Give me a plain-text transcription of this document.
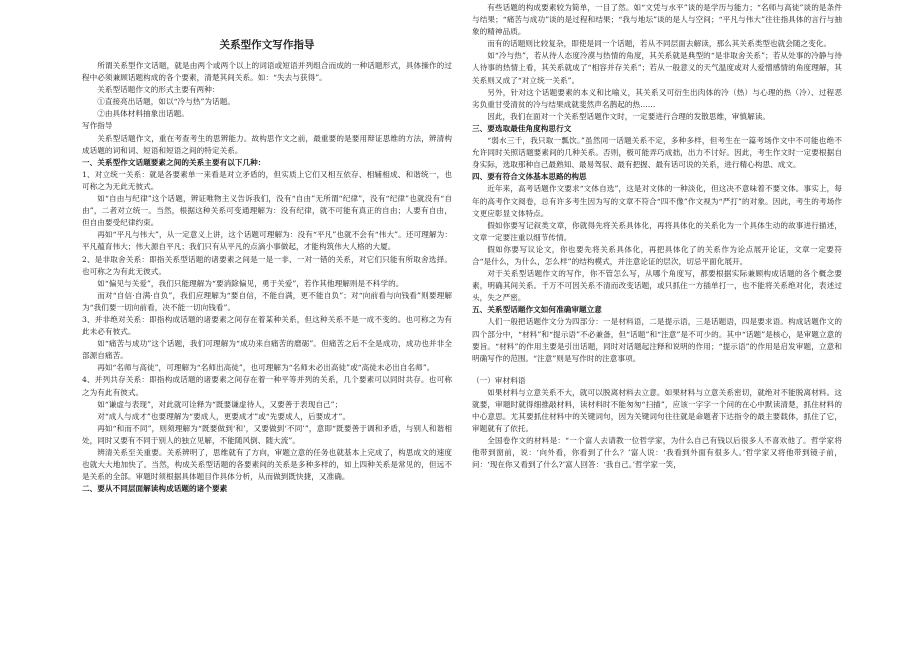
关系型作文写作指导

所谓关系型作文话题，就是由两个或两个以上的词语或短语并列组合而成的一种话题形式，具体操作的过程中必须兼顾话题构成的各个要素，清楚其间关系。如：“失去与获得”。

关系型话题作文的形式主要有两种：

①直接亮出话题，如以“冷与热”为话题。

②由具体材料抽象出话题。

写作指导

关系型话题作文，重在考查考生的思辨能力。故构思作文之前，最重要的是要用辩证思维的方法，辨清构成话题的词和词、短语和短语之间的特定关系。

一、关系型作文话题要素之间的关系主要有以下几种：

1、对立统一关系：就是各要素单一来看是对立矛盾的，但实质上它们又相互依存、相辅相成、和谐统一，也可称之为无此无彼式。

如“自由与纪律”这个话题，辨证唯物主义告诉我们，没有“自由”无所谓“纪律”，没有“纪律”也就没有“自由”，二者对立统一。当然，根据这种关系可变通理解为：没有纪律，就不可能有真正的自由；人要有自由，但自由要受纪律约束。

再如“平凡与伟大”，从一定意义上讲，这个话题可理解为：没有“平凡”也就不会有“伟大”。还可理解为：平凡蕴育伟大；伟大源自平凡；我们只有从平凡的点滴小事做起，才能构筑伟大人格的大厦。

2、是非取舍关系：即指关系型话题的诸要素之间是一是一非、一对一错的关系，对它们只能有所取舍选择。也可称之为有此无彼式。

如“偏见与关爱”，我们只能理解为“要消除偏见，勇于关爱”，若作其他理解则是不科学的。

而对“自信·自满·自负”，我们应理解为“要自信，不能自满，更不能自负”；对“向前看与向钱看”则要理解为“我们要一切向前看，决不能一切向钱看”。

3、并非绝对关系：即指构成话题的诸要素之间存在着某种关系，但这种关系不是一成不变的。也可称之为有此未必有彼式。

如“痛苦与成功”这个话题，我们可理解为“成功来自痛苦的磨砺”。但痛苦之后不全是成功，成功也并非全部源自痛苦。

再如“名师与高徒”，可理解为“名师出高徒”，也可理解为“名师未必出高徒”或“高徒未必出自名师”。

4、并列共存关系：即指构成话题的诸要素之间存在着一种平等并列的关系，几个要素可以同时共存。也可称之为有此有彼式。

如“谦虚与表现”，对此就可诠释为“既要谦虚待人，又要善于表现自己”；

对“成人与成才”也要理解为“要成人，更要成才”或“先要成人，后要成才”。

再如“和而不同”，则须理解为“既要做到‘和’，又要做到‘不同’”，意即“既要善于调和矛盾，与别人和谐相处，同时又要有不同于别人的独立见解，不能随风倒、随大流”。

辨清关系至关重要。关系辨明了，思维就有了方向，审题立意的任务也就基本上完成了，构思成文的速度也就大大地加快了。当然，构成关系型话题的各要素间的关系是多种多样的，如上四种关系是常见的，但远不是关系的全部。审题时须根据具体题目作具体分析，从而做到既快捷，又准确。

二、要从不同层面解读构成话题的诸个要素

有些话题的构成要素较为简单，一目了然。如“文凭与水平”谈的是学历与能力；“名师与高徒”谈的是条件与结果；“痛苦与成功”谈的是过程和结果；“我与地坛”谈的是人与空间；“平凡与伟大”往往指具体的言行与抽象的精神品质。

而有的话题则比较复杂，即使是同一个话题，若从不同层面去解读，那么其关系类型也就会随之变化。

如“冷与热”，若从待人态度冷漠与热情的角度，其关系就是典型的“是非取舍关系”；若从处事的冷静与待人待事的热情上看，其关系就成了“相容并存关系”；若从一般意义的天气温度或对人爱憎感情的角度理解，其关系则又成了“对立统一关系”。

另外，针对这个话题要素的本义和比喻义，其关系又可衍生出肉体的冷（热）与心理的热（冷）、过程恶劣负重甘受清贫的冷与结果成就斐然声名鹊起的热……

因此，我们在面对一个关系型话题作文时，一定要进行合理的发散思维，审慎解读。

三、要选取最佳角度构思行文

“弱水三千，我只取一瓢饮。”虽然同一话题关系不定，多种多样，但考生在一篇考场作文中不可能也绝不允许同时关照话题要素间的几种关系。否则，极可能弄巧成拙，出力不讨好。因此，考生作文时一定要根据自身实际，选取那种自己最熟知、最易驾驭、最有把握、最有话可说的关系，进行精心构思、成文。

四、要有符合文体基本思路的构思

近年来，高考话题作文要求“文体自选”，这是对文体的一种淡化，但这决不意味着不要文体。事实上，每年的高考作文阅卷，总有许多考生因为写的文章不符合“四不像”作文视为“严打”的对象。因此，考生的考场作文更应彰显文体特点。

假如你要写记叙类文章，你就得先将关系具体化，再将具体化的关系化为一个具体生动的故事进行描述，文章一定要注重以细节传情。

假如你要写议论文，你也要先将关系具体化，再把具体化了的关系作为论点展开论证，文章一定要符合“是什么，为什么，怎么样”的结构模式，并注意论证的层次，切忌平面化展开。

对于关系型话题作文的写作，你不管怎么写，从哪个角度写，都要根据实际兼顾构成话题的各个概念要素，明确其间关系。千万不可因关系不清而改变话题，或只抓住一方插单打一，也不能将关系绝对化，表述过头，失之严密。

五、关系型话题作文如何准确审题立意

人们一般把话题作文分为四部分：一是材料语，二是提示语，三是话题语，四是要求语。构成话题作文的四个部分中，“材料”和“提示语”不必兼备，但“话题”和“注意”是不可少的。其中“话题”是核心，是审题立意的要旨。“材料”的作用主要是引出话题，同时对话题起注释和说明的作用；“提示语”的作用是启发审题，立意和明确写作的范围。“注意”则是写作时的注意事项。

（一）审材料语

如果材料与立意关系不大，就可以脱离材料去立意。如果材料与立意关系密切，就绝对不能脱离材料。这就要，审题时就得细推敲材料，读材料时不能匆匆“扫描”，应该一字字一个问的在心中默读清楚，抓住材料的中心意思。尤其要抓住材料中的关键词句，因为关键词句往往就是命题者下达指令的最主要载体，抓住了它，审题就有了依托。

全国卷作文的材料是：“一个富人去请教一位哲学家，为什么自己有钱以后很多人不喜欢他了。哲学家将他带到窗前，说：‘向外看，你看到了什么？’富人说：‘我看到外面有很多人。’哲学家又将他带到镜子前，问：‘现在你又看到了什么?’富人回答：‘我自己。’哲学家一笑，
